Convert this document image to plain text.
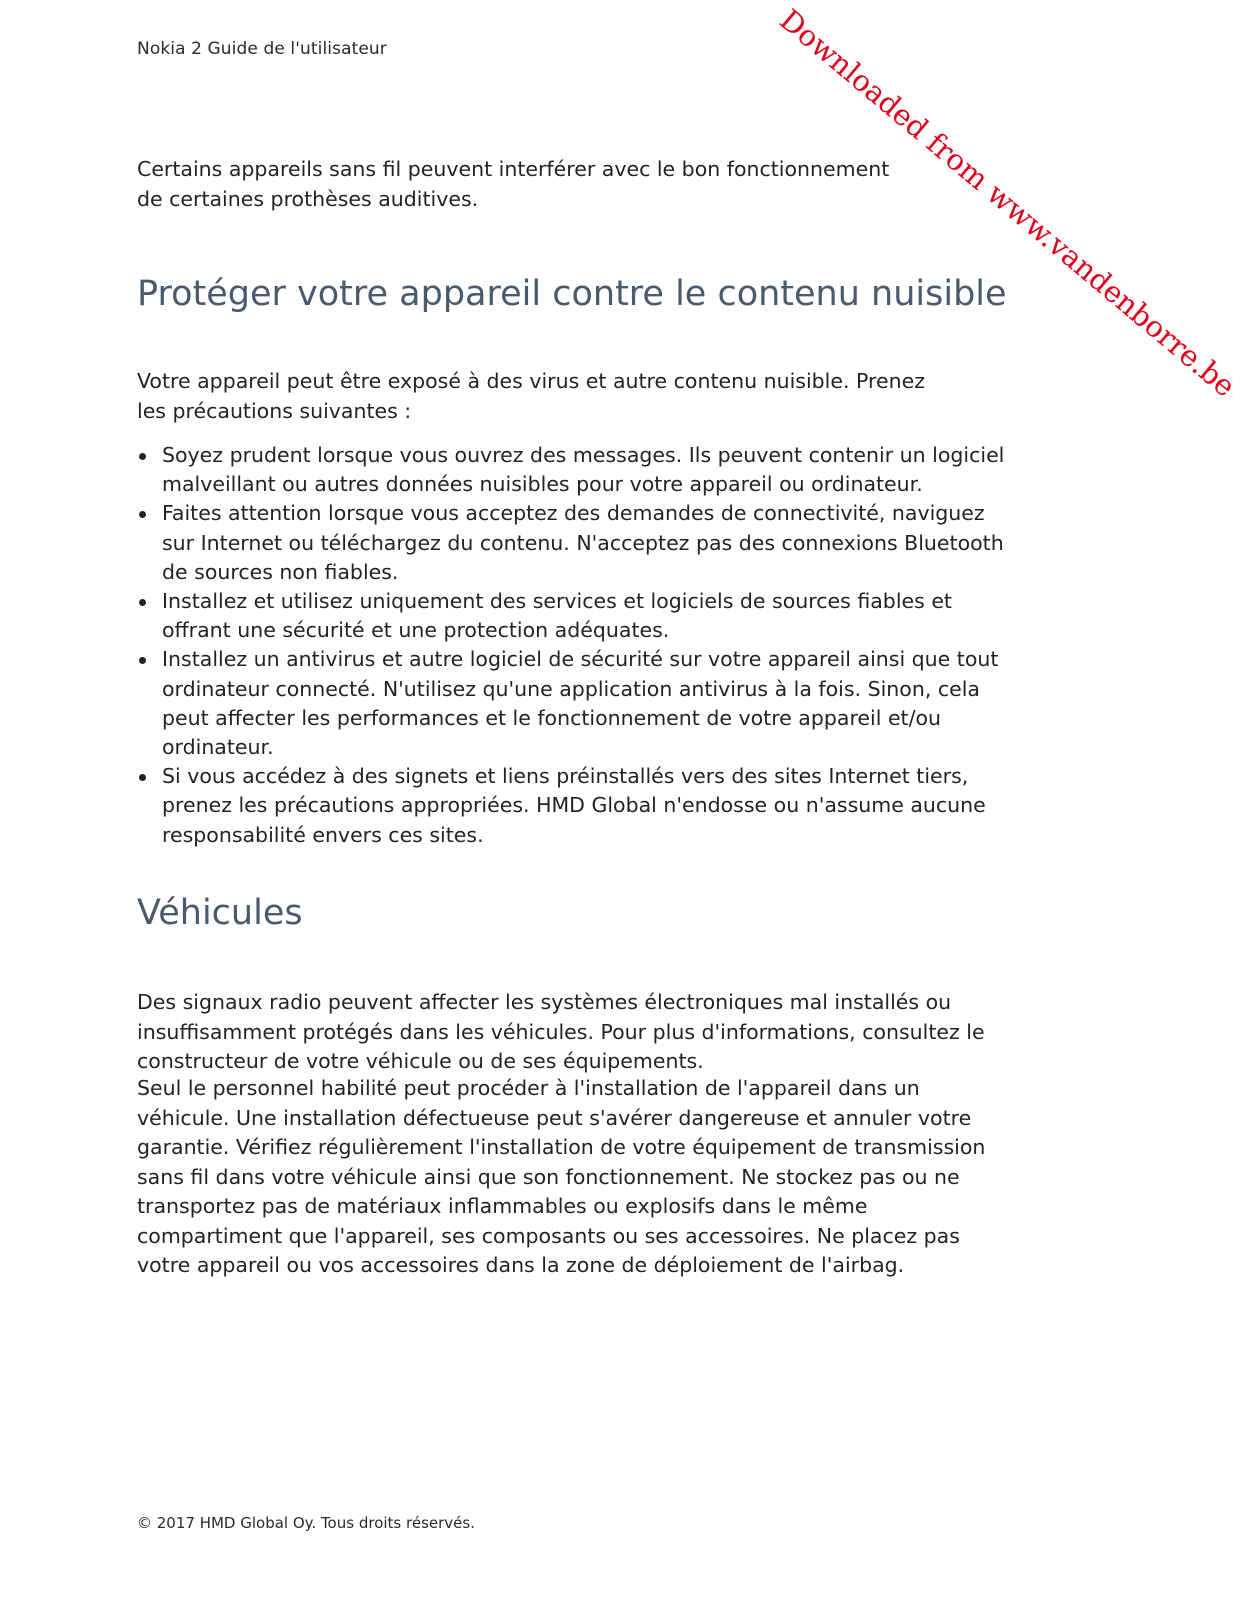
Nokia 2 Guide de l'utilisateur	Downloaded from www.vandenborre.be

Certains appareils sans fil peuvent interférer avec le bon fonctionnement de certaines prothèses auditives.

Protéger votre appareil contre le contenu nuisible

Votre appareil peut être exposé à des virus et autre contenu nuisible. Prenez les précautions suivantes :

Soyez prudent lorsque vous ouvrez des messages. Ils peuvent contenir un logiciel malveillant ou autres données nuisibles pour votre appareil ou ordinateur.
Faites attention lorsque vous acceptez des demandes de connectivité, naviguez sur Internet ou téléchargez du contenu. N'acceptez pas des connexions Bluetooth de sources non fiables.
Installez et utilisez uniquement des services et logiciels de sources fiables et offrant une sécurité et une protection adéquates.
Installez un antivirus et autre logiciel de sécurité sur votre appareil ainsi que tout ordinateur connecté. N'utilisez qu'une application antivirus à la fois. Sinon, cela peut affecter les performances et le fonctionnement de votre appareil et/ou ordinateur.
Si vous accédez à des signets et liens préinstallés vers des sites Internet tiers, prenez les précautions appropriées. HMD Global n'endosse ou n'assume aucune responsabilité envers ces sites.
Véhicules

Des signaux radio peuvent affecter les systèmes électroniques mal installés ou insuffisamment protégés dans les véhicules. Pour plus d'informations, consultez le constructeur de votre véhicule ou de ses équipements.

Seul le personnel habilité peut procéder à l'installation de l'appareil dans un véhicule. Une installation défectueuse peut s'avérer dangereuse et annuler votre garantie. Vérifiez régulièrement l'installation de votre équipement de transmission sans fil dans votre véhicule ainsi que son fonctionnement. Ne stockez pas ou ne transportez pas de matériaux inflammables ou explosifs dans le même compartiment que l'appareil, ses composants ou ses accessoires. Ne placez pas votre appareil ou vos accessoires dans la zone de déploiement de l'airbag.

© 2017 HMD Global Oy. Tous droits réservés.
